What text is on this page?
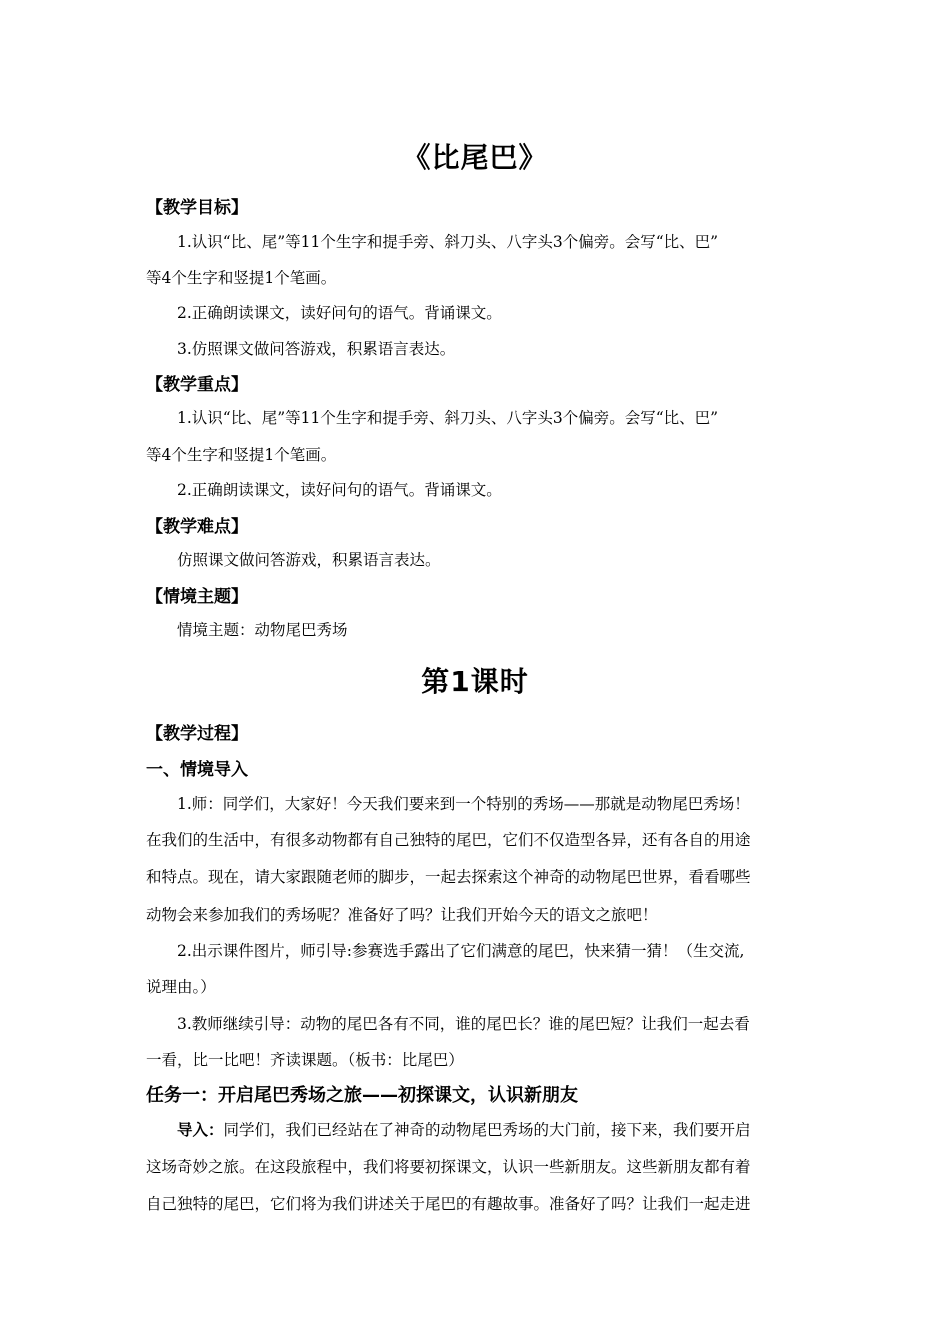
《比尾巴》
【教学目标】
1.认识“比、尾”等11个生字和提手旁、斜刀头、八字头3个偏旁。会写“比、巴”
等4个生字和竖提1个笔画。
2.正确朗读课文，读好问句的语气。背诵课文。
3.仿照课文做问答游戏，积累语言表达。
【教学重点】
1.认识“比、尾”等11个生字和提手旁、斜刀头、八字头3个偏旁。会写“比、巴”
等4个生字和竖提1个笔画。
2.正确朗读课文，读好问句的语气。背诵课文。
【教学难点】
仿照课文做问答游戏，积累语言表达。
【情境主题】
情境主题：动物尾巴秀场
第1课时
【教学过程】
一、情境导入
1.师：同学们，大家好！今天我们要来到一个特别的秀场——那就是动物尾巴秀场！
在我们的生活中，有很多动物都有自己独特的尾巴，它们不仅造型各异，还有各自的用途
和特点。现在，请大家跟随老师的脚步，一起去探索这个神奇的动物尾巴世界，看看哪些
动物会来参加我们的秀场呢？准备好了吗？让我们开始今天的语文之旅吧！
2.出示课件图片，师引导:参赛选手露出了它们满意的尾巴，快来猜一猜！（生交流,
说理由。）
3.教师继续引导：动物的尾巴各有不同，谁的尾巴长？谁的尾巴短？让我们一起去看
一看，比一比吧！齐读课题。（板书：比尾巴）
任务一：开启尾巴秀场之旅——初探课文，认识新朋友
导入：同学们，我们已经站在了神奇的动物尾巴秀场的大门前，接下来，我们要开启
这场奇妙之旅。在这段旅程中，我们将要初探课文，认识一些新朋友。这些新朋友都有着
自己独特的尾巴，它们将为我们讲述关于尾巴的有趣故事。准备好了吗？让我们一起走进
